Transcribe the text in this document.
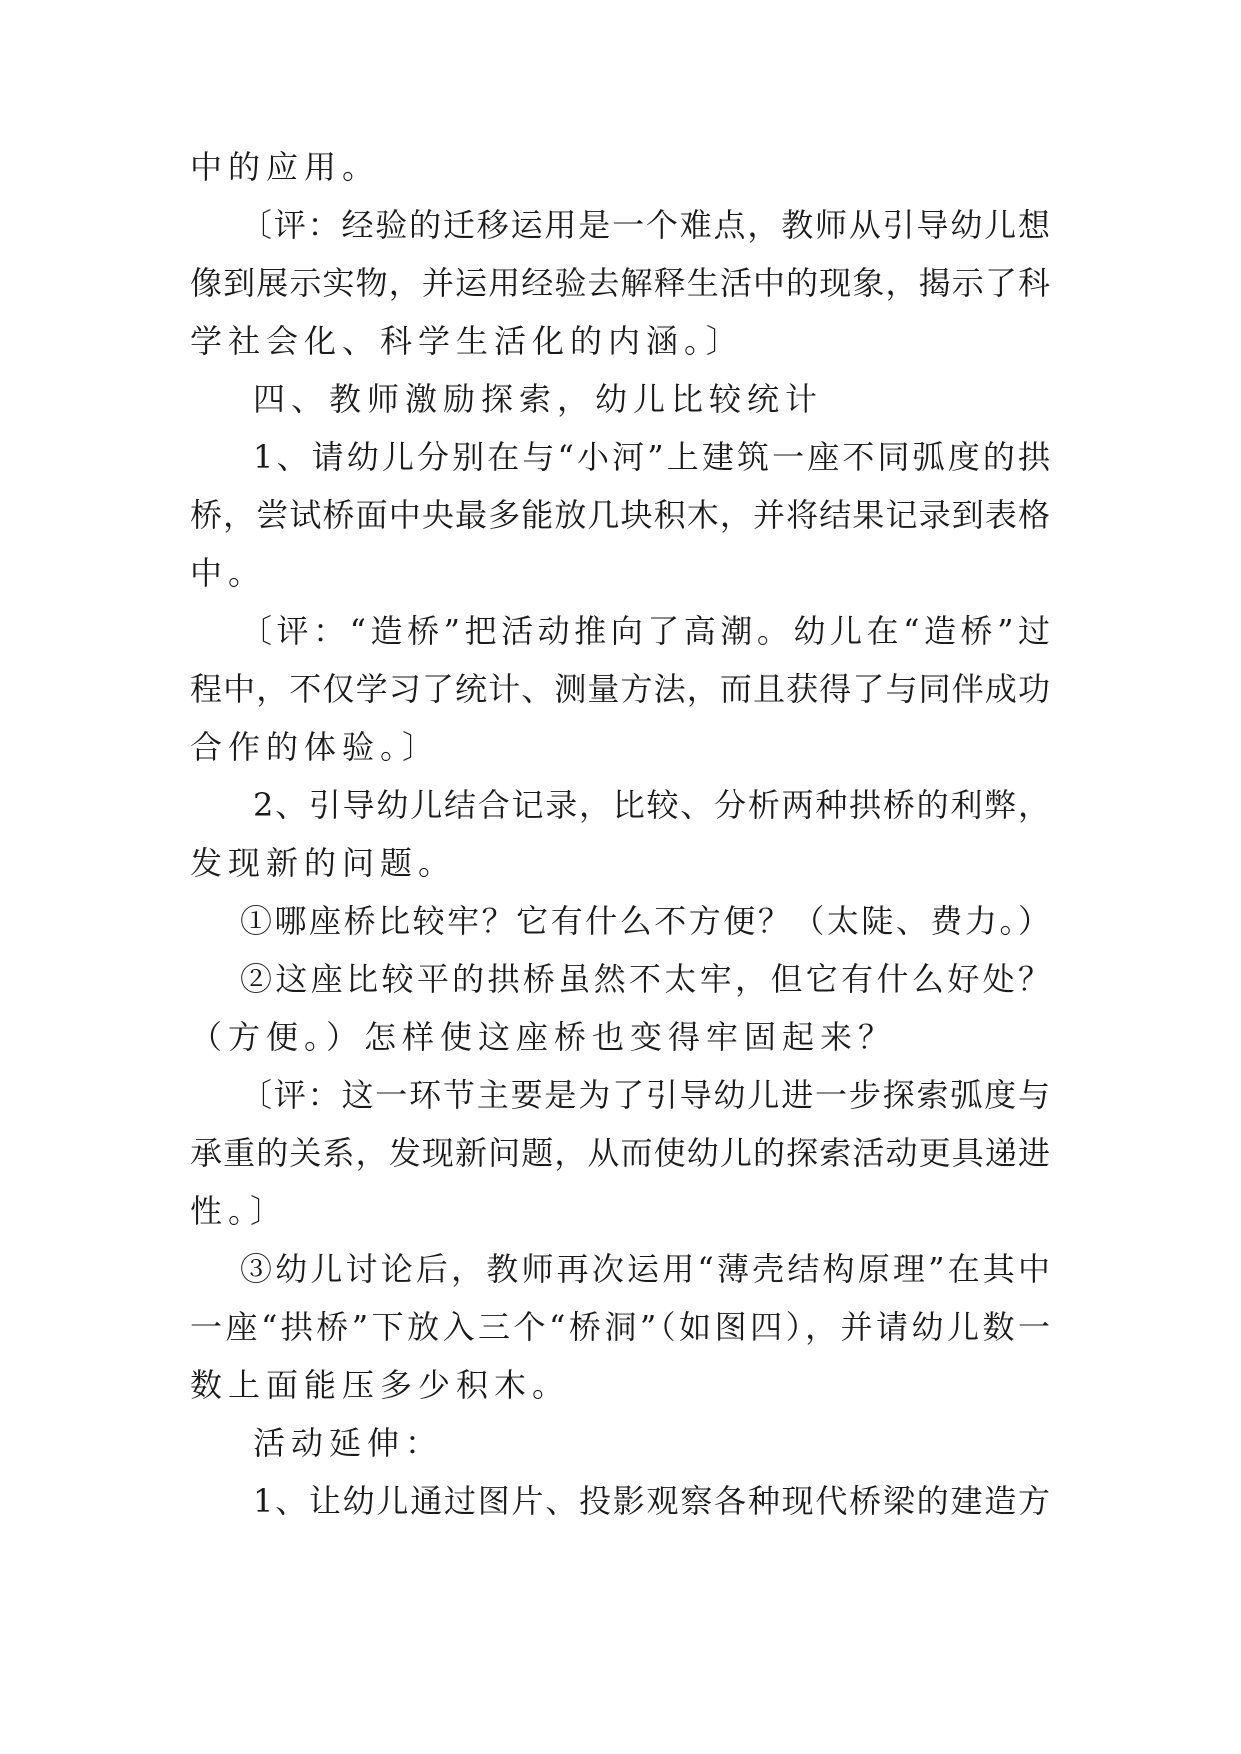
中的应用。
〔评：经验的迁移运用是一个难点，教师从引导幼儿想
像到展示实物，并运用经验去解释生活中的现象，揭示了科
学社会化、科学生活化的内涵。〕
四、教师激励探索，幼儿比较统计
1、请幼儿分别在与“小河”上建筑一座不同弧度的拱
桥，尝试桥面中央最多能放几块积木，并将结果记录到表格
中。
〔评：“造桥”把活动推向了高潮。幼儿在“造桥”过
程中，不仅学习了统计、测量方法，而且获得了与同伴成功
合作的体验。〕
2、引导幼儿结合记录，比较、分析两种拱桥的利弊，
发现新的问题。
①哪座桥比较牢？它有什么不方便？（太陡、费力。）
②这座比较平的拱桥虽然不太牢，但它有什么好处？
（方便。）怎样使这座桥也变得牢固起来？
〔评：这一环节主要是为了引导幼儿进一步探索弧度与
承重的关系，发现新问题，从而使幼儿的探索活动更具递进
性。〕
③幼儿讨论后，教师再次运用“薄壳结构原理”在其中
一座“拱桥”下放入三个“桥洞”（如图四），并请幼儿数一
数上面能压多少积木。
活动延伸：
1、让幼儿通过图片、投影观察各种现代桥梁的建造方
